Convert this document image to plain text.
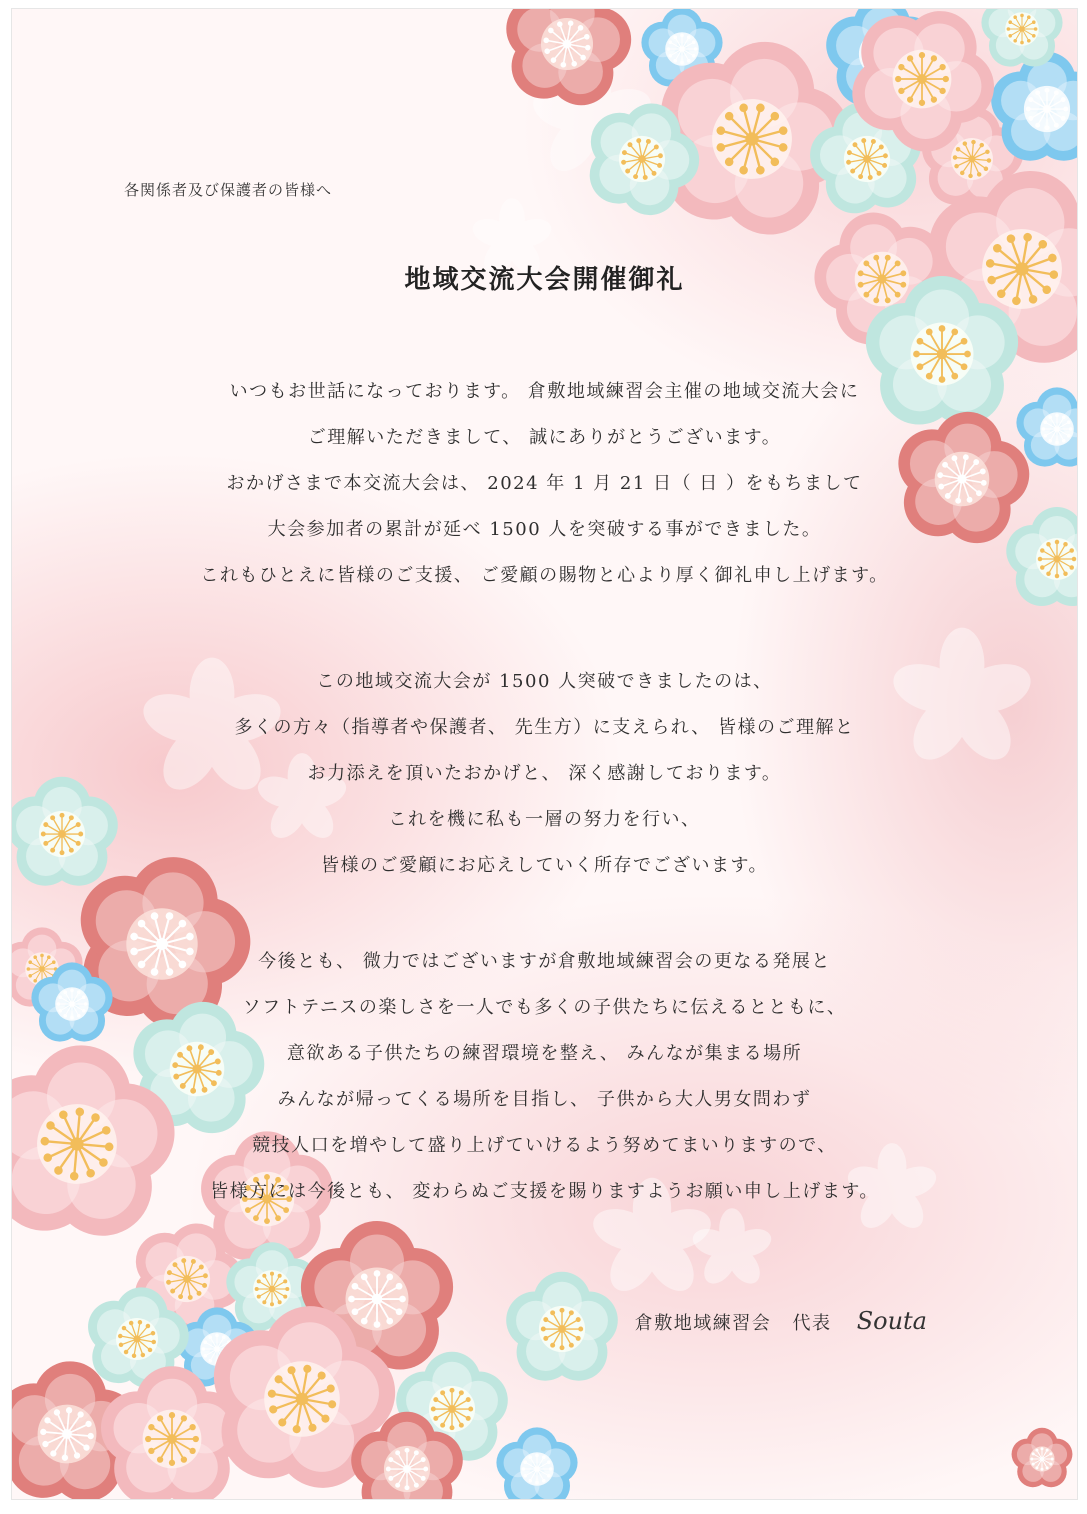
各関係者及び保護者の皆様へ
地域交流大会開催御礼
いつもお世話になっております。 倉敷地域練習会主催の地域交流大会に
ご理解いただきまして、 誠にありがとうございます。
おかげさまで本交流大会は、 2024 年 1 月 21 日（ 日 ）をもちまして
大会参加者の累計が延べ 1500 人を突破する事ができました。
これもひとえに皆様のご支援、 ご愛顧の賜物と心より厚く御礼申し上げます。
この地域交流大会が 1500 人突破できましたのは、
多くの方々（指導者や保護者、 先生方）に支えられ、 皆様のご理解と
お力添えを頂いたおかげと、 深く感謝しております。
これを機に私も一層の努力を行い、
皆様のご愛顧にお応えしていく所存でございます。
今後とも、 微力ではございますが倉敷地域練習会の更なる発展と
ソフトテニスの楽しさを一人でも多くの子供たちに伝えるとともに、
意欲ある子供たちの練習環境を整え、 みんなが集まる場所
みんなが帰ってくる場所を目指し、 子供から大人男女問わず
競技人口を増やして盛り上げていけるよう努めてまいりますので、
皆様方には今後とも、 変わらぬご支援を賜りますようお願い申し上げます。
倉敷地域練習会 代表 Souta
